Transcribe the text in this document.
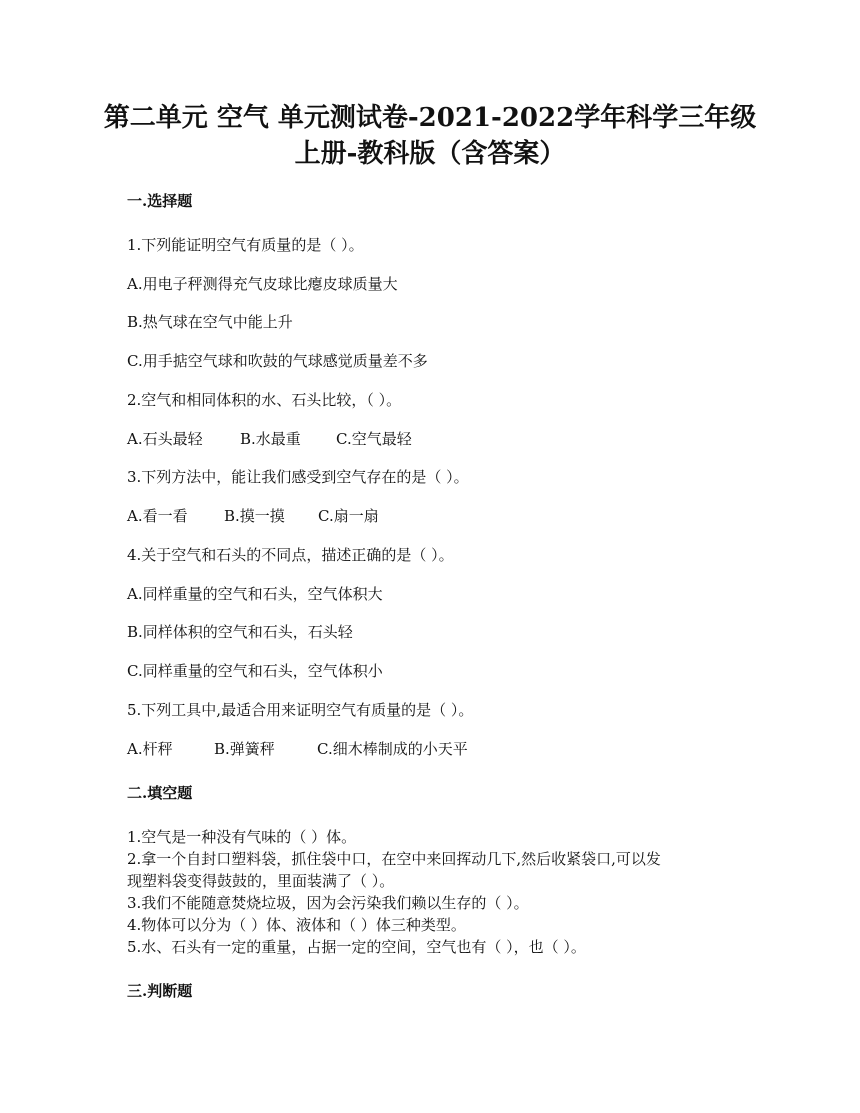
第二单元 空气 单元测试卷-2021-2022学年科学三年级
上册-教科版（含答案）
一.选择题
1.下列能证明空气有质量的是（ ）。
A.用电子秤测得充气皮球比瘪皮球质量大
B.热气球在空气中能上升
C.用手掂空气球和吹鼓的气球感觉质量差不多
2.空气和相同体积的水、石头比较，（ ）。
A.石头最轻 B.水最重 C.空气最轻
3.下列方法中，能让我们感受到空气存在的是（ ）。
A.看一看 B.摸一摸 C.扇一扇
4.关于空气和石头的不同点，描述正确的是（ ）。
A.同样重量的空气和石头，空气体积大
B.同样体积的空气和石头，石头轻
C.同样重量的空气和石头，空气体积小
5.下列工具中,最适合用来证明空气有质量的是（ ）。
A.杆秤	B.弹簧秤	C.细木棒制成的小天平
二.填空题
1.空气是一种没有气味的（ ）体。
2.拿一个自封口塑料袋，抓住袋中口，在空中来回挥动几下,然后收紧袋口,可以发
现塑料袋变得鼓鼓的，里面装满了（ ）。
3.我们不能随意焚烧垃圾，因为会污染我们赖以生存的（ ）。
4.物体可以分为（ ）体、液体和（ ）体三种类型。
5.水、石头有一定的重量，占据一定的空间，空气也有（ ），也（ ）。
三.判断题
